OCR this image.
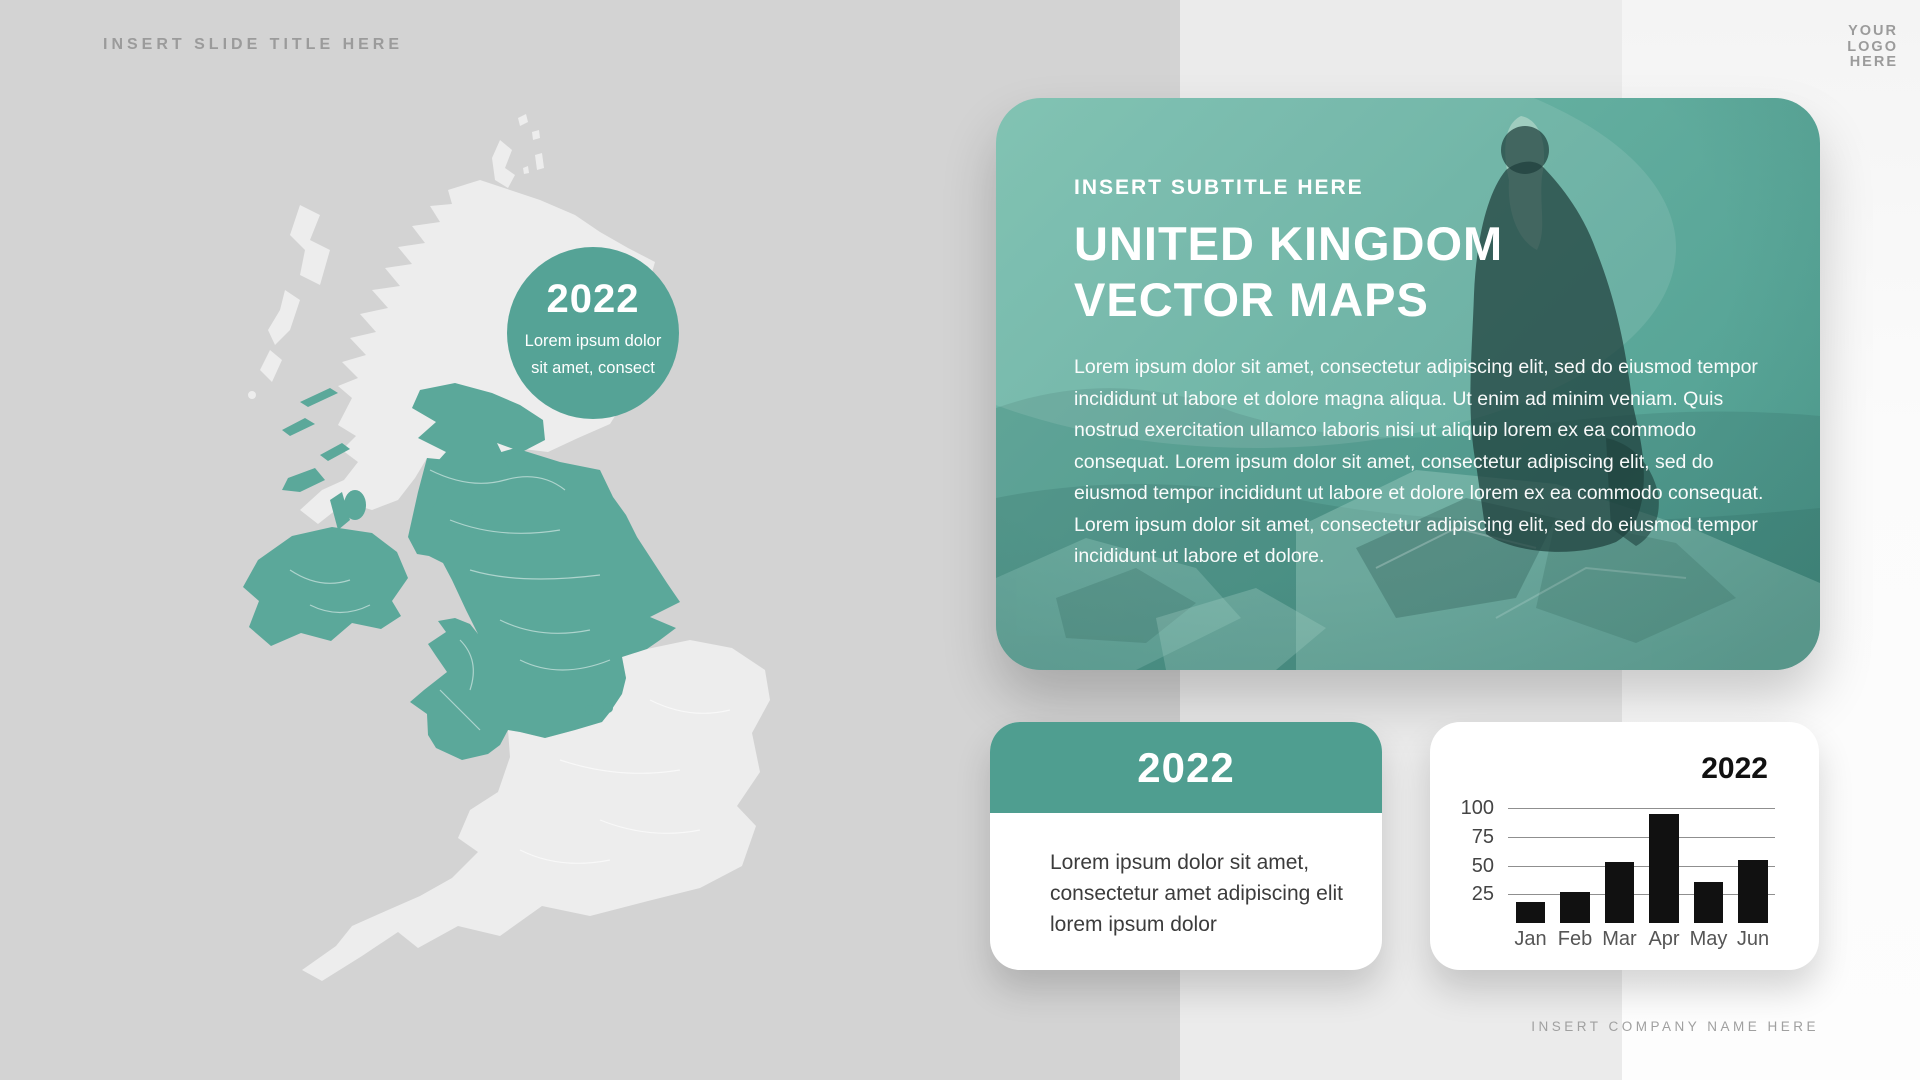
INSERT SLIDE TITLE HERE
YOUR
LOGO
HERE
2022
Lorem ipsum dolor sit amet, consect
INSERT SUBTITLE HERE
UNITED KINGDOM
VECTOR MAPS
Lorem ipsum dolor sit amet, consectetur adipiscing elit, sed do eiusmod tempor incididunt ut labore et dolore magna aliqua. Ut enim ad minim veniam. Quis nostrud exercitation ullamco laboris nisi ut aliquip lorem ex ea commodo consequat. Lorem ipsum dolor sit amet, consectetur adipiscing elit, sed do eiusmod tempor incididunt ut labore et dolore lorem ex ea commodo consequat. Lorem ipsum dolor sit amet, consectetur adipiscing elit, sed do eiusmod tempor incididunt ut labore et dolore.
2022
Lorem ipsum dolor sit amet, consectetur amet adipiscing elit lorem ipsum dolor
2022
25
50
75
100
Jan Feb Mar Apr May Jun
INSERT COMPANY NAME HERE
